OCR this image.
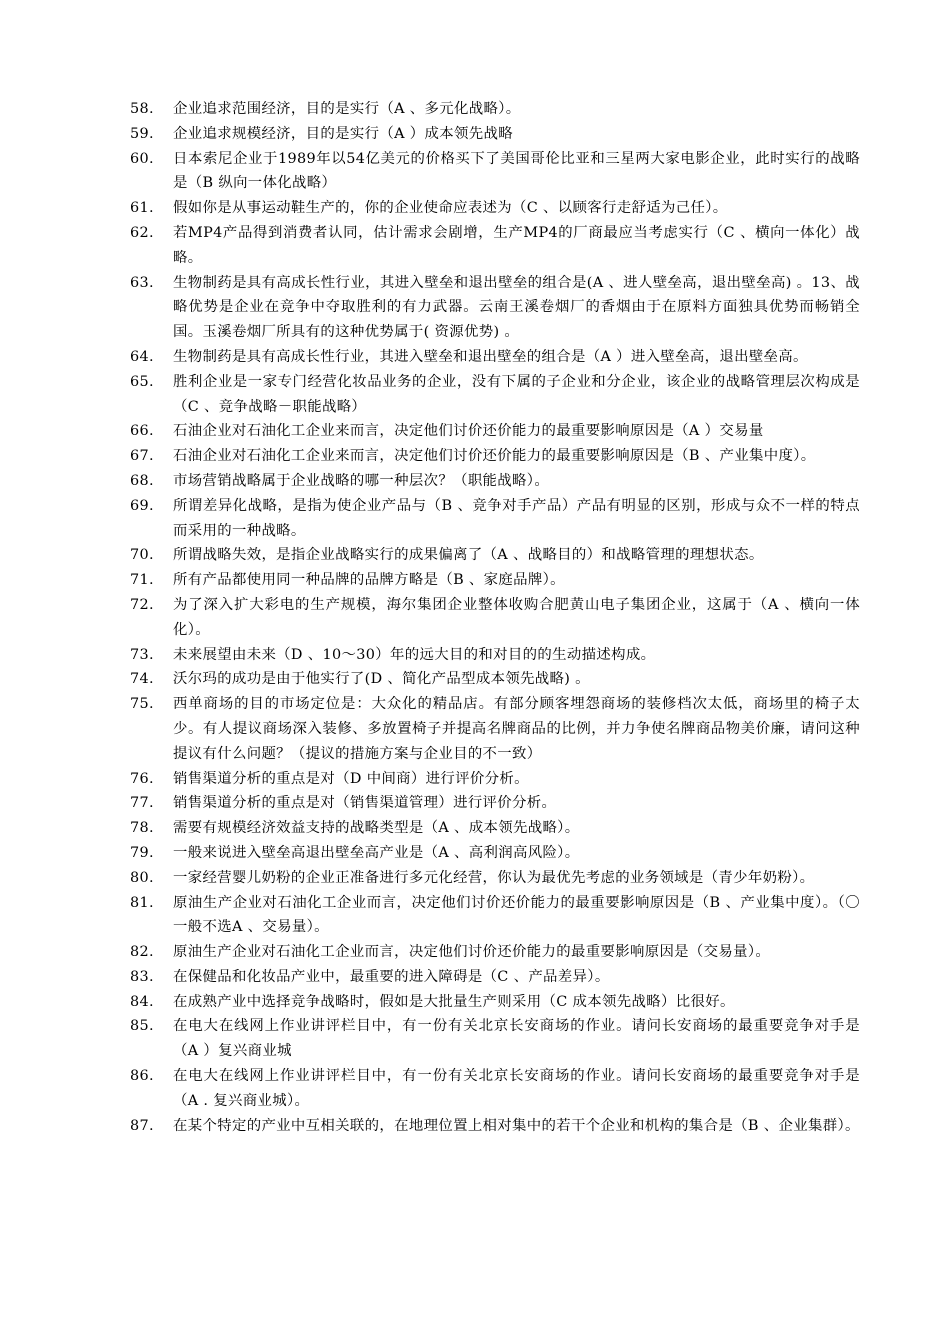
58.	企业追求范围经济，目的是实行（A 、多元化战略）。
59.	企业追求规模经济，目的是实行（A ）成本领先战略
60.	日本索尼企业于1989年以54亿美元的价格买下了美国哥伦比亚和三星两大家电影企业，此时实行的战略是（B 纵向一体化战略）
61.	假如你是从事运动鞋生产的，你的企业使命应表述为（C 、以顾客行走舒适为己任）。
62.	若MP4产品得到消费者认同，估计需求会剧增，生产MP4的厂商最应当考虑实行（C 、横向一体化）战略。
63.	生物制药是具有高成长性行业，其进入壁垒和退出壁垒的组合是(A 、进人壁垒高，退出壁垒高) 。13、战略优势是企业在竞争中夺取胜利的有力武器。云南王溪卷烟厂的香烟由于在原料方面独具优势而畅销全国。玉溪卷烟厂所具有的这种优势属于( 资源优势) 。
64.	生物制药是具有高成长性行业，其进入壁垒和退出壁垒的组合是（A ）进入壁垒高，退出壁垒高。
65.	胜利企业是一家专门经营化妆品业务的企业，没有下属的子企业和分企业，该企业的战略管理层次构成是（C 、竞争战略－职能战略）
66.	石油企业对石油化工企业来而言，决定他们讨价还价能力的最重要影响原因是（A ）交易量
67.	石油企业对石油化工企业来而言，决定他们讨价还价能力的最重要影响原因是（B 、产业集中度）。
68.	市场营销战略属于企业战略的哪一种层次？（职能战略）。
69.	所谓差异化战略，是指为使企业产品与（B 、竞争对手产品）产品有明显的区别，形成与众不一样的特点而采用的一种战略。
70.	所谓战略失效，是指企业战略实行的成果偏离了（A 、战略目的）和战略管理的理想状态。
71.	所有产品都使用同一种品牌的品牌方略是（B 、家庭品牌）。
72.	为了深入扩大彩电的生产规模，海尔集团企业整体收购合肥黄山电子集团企业，这属于（A 、横向一体化）。
73.	未来展望由未来（D 、10～30）年的远大目的和对目的的生动描述构成。
74.	沃尔玛的成功是由于他实行了(D 、简化产品型成本领先战略) 。
75.	西单商场的目的市场定位是：大众化的精品店。有部分顾客埋怨商场的装修档次太低，商场里的椅子太少。有人提议商场深入装修、多放置椅子并提高名牌商品的比例，并力争使名牌商品物美价廉，请问这种提议有什么问题？（提议的措施方案与企业目的不一致）
76.	销售渠道分析的重点是对（D 中间商）进行评价分析。
77.	销售渠道分析的重点是对（销售渠道管理）进行评价分析。
78.	需要有规模经济效益支持的战略类型是（A 、成本领先战略）。
79.	一般来说进入壁垒高退出壁垒高产业是（A 、高利润高风险）。
80.	一家经营婴儿奶粉的企业正准备进行多元化经营，你认为最优先考虑的业务领域是（青少年奶粉）。
81.	原油生产企业对石油化工企业而言，决定他们讨价还价能力的最重要影响原因是（B 、产业集中度）。（〇一般不选A 、交易量）。
82.	原油生产企业对石油化工企业而言，决定他们讨价还价能力的最重要影响原因是（交易量）。
83.	在保健品和化妆品产业中，最重要的进入障碍是（C 、产品差异）。
84.	在成熟产业中选择竞争战略时，假如是大批量生产则采用（C 成本领先战略）比很好。
85.	在电大在线网上作业讲评栏目中，有一份有关北京长安商场的作业。请问长安商场的最重要竞争对手是（A ）复兴商业城
86.	在电大在线网上作业讲评栏目中，有一份有关北京长安商场的作业。请问长安商场的最重要竞争对手是（A . 复兴商业城）。
87.	在某个特定的产业中互相关联的，在地理位置上相对集中的若干个企业和机构的集合是（B 、企业集群）。
